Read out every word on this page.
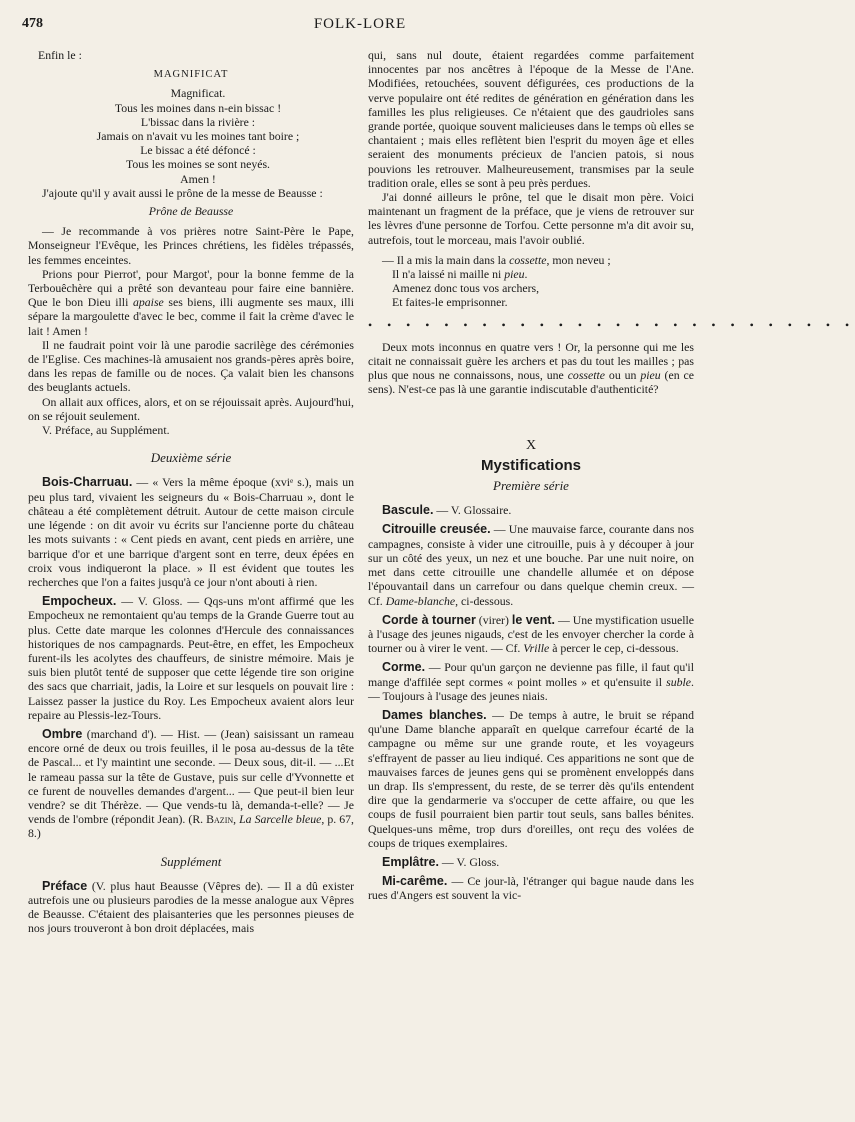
478	FOLK-LORE

Enfin le :

MAGNIFICAT

Magnificat.

Tous les moines dans n-ein bissac !

L'bissac dans la rivière :

Jamais on n'avait vu les moines tant boire ;

Le bissac a été défoncé :

Tous les moines se sont neyés.

Amen !

J'ajoute qu'il y avait aussi le prône de la messe de Beausse :

Prône de Beausse

— Je recommande à vos prières notre Saint-Père le Pape, Monseigneur l'Evêque, les Princes chrétiens, les fidèles trépassés, les femmes enceintes.

Prions pour Pierrot', pour Margot', pour la bonne femme de la Terbouêchère qui a prêté son devanteau pour faire eine bannière. Que le bon Dieu illi apaise ses biens, illi augmente ses maux, illi sépare la margoulette d'avec le bec, comme il fait la crème d'avec le lait ! Amen !

Il ne faudrait point voir là une parodie sacrilège des cérémonies de l'Eglise. Ces machines-là amusaient nos grands-pères après boire, dans les repas de famille ou de noces. Ça valait bien les chansons des beuglants actuels.

On allait aux offices, alors, et on se réjouissait après. Aujourd'hui, on se réjouit seulement.

V. Préface, au Supplément.

Deuxième série

Bois-Charruau. — « Vers la même époque (xviᵉ s.), mais un peu plus tard, vivaient les seigneurs du « Bois-Charruau », dont le château a été complètement détruit. Autour de cette maison circule une légende : on dit avoir vu écrits sur l'ancienne porte du château les mots suivants : « Cent pieds en avant, cent pieds en arrière, une barrique d'or et une barrique d'argent sont en terre, deux épées en croix vous indiqueront la place. » Il est évident que toutes les recherches que l'on a faites jusqu'à ce jour n'ont abouti à rien.

Empocheux. — V. Gloss. — Qqs-uns m'ont affirmé que les Empocheux ne remontaient qu'au temps de la Grande Guerre tout au plus. Cette date marque les colonnes d'Hercule des connaissances historiques de nos campagnards. Peut-être, en effet, les Empocheux furent-ils les acolytes des chauffeurs, de sinistre mémoire. Mais je suis bien plutôt tenté de supposer que cette légende tire son origine des sacs que charriait, jadis, la Loire et sur lesquels on pouvait lire : Laissez passer la justice du Roy. Les Empocheux avaient alors leur repaire au Plessis-lez-Tours.

Ombre (marchand d'). — Hist. — (Jean) saisissant un rameau encore orné de deux ou trois feuilles, il le posa au-dessus de la tête de Pascal... et l'y maintint une seconde. — Deux sous, dit-il. — ...Et le rameau passa sur la tête de Gustave, puis sur celle d'Yvonnette et ce furent de nouvelles demandes d'argent... — Que peut-il bien leur vendre? se dit Thérèze. — Que vends-tu là, demanda-t-elle? — Je vends de l'ombre (répondit Jean). (R. Bazin, La Sarcelle bleue, p. 67, 8.)

Supplément

Préface (V. plus haut Beausse (Vêpres de). — Il a dû exister autrefois une ou plusieurs parodies de la messe analogue aux Vêpres de Beausse. C'étaient des plaisanteries que les personnes pieuses de nos jours trouveront à bon droit déplacées, mais

qui, sans nul doute, étaient regardées comme parfaitement innocentes par nos ancêtres à l'époque de la Messe de l'Ane. Modifiées, retouchées, souvent défigurées, ces productions de la verve populaire ont été redites de génération en génération dans les familles les plus religieuses. Ce n'étaient que des gaudrioles sans grande portée, quoique souvent malicieuses dans le temps où elles se chantaient ; mais elles reflètent bien l'esprit du moyen âge et elles seraient des monuments précieux de l'ancien patois, si nous pouvions les retrouver. Malheureusement, transmises par la seule tradition orale, elles se sont à peu près perdues.

J'ai donné ailleurs le prône, tel que le disait mon père. Voici maintenant un fragment de la préface, que je viens de retrouver sur les lèvres d'une personne de Torfou. Cette personne m'a dit avoir su, autrefois, tout le morceau, mais l'avoir oublié.

— Il a mis la main dans la cossette, mon neveu ;
Il n'a laissé ni maille ni pieu.
Amenez donc tous vos archers,
Et faites-le emprisonner.
• • • • • • • • • • • • • • • • • • • • • • • • • •

Deux mots inconnus en quatre vers ! Or, la personne qui me les citait ne connaissait guère les archers et pas du tout les mailles ; pas plus que nous ne connaissons, nous, une cossette ou un pieu (en ce sens). N'est-ce pas là une garantie indiscutable d'authenticité?

X
Mystifications
Première série

Bascule. — V. Glossaire.

Citrouille creusée. — Une mauvaise farce, courante dans nos campagnes, consiste à vider une citrouille, puis à y découper à jour sur un côté des yeux, un nez et une bouche. Par une nuit noire, on met dans cette citrouille une chandelle allumée et on dépose l'épouvantail dans un carrefour ou dans quelque chemin creux. — Cf. Dame-blanche, ci-dessous.

Corde à tourner (virer) le vent. — Une mystification usuelle à l'usage des jeunes nigauds, c'est de les envoyer chercher la corde à tourner ou à virer le vent. — Cf. Vrille à percer le cep, ci-dessous.

Corme. — Pour qu'un garçon ne devienne pas fille, il faut qu'il mange d'affilée sept cormes « point molles » et qu'ensuite il suble. — Toujours à l'usage des jeunes niais.

Dames blanches. — De temps à autre, le bruit se répand qu'une Dame blanche apparaît en quelque carrefour écarté de la campagne ou même sur une grande route, et les voyageurs s'effrayent de passer au lieu indiqué. Ces apparitions ne sont que de mauvaises farces de jeunes gens qui se promènent enveloppés dans un drap. Ils s'empressent, du reste, de se terrer dès qu'ils entendent dire que la gendarmerie va s'occuper de cette affaire, ou que les coups de fusil pourraient bien partir tout seuls, sans balles bénites. Quelques-uns même, trop durs d'oreilles, ont reçu des volées de coups de triques exemplaires.

Emplâtre. — V. Gloss.

Mi-carême. — Ce jour-là, l'étranger qui bague naude dans les rues d'Angers est souvent la vic-
